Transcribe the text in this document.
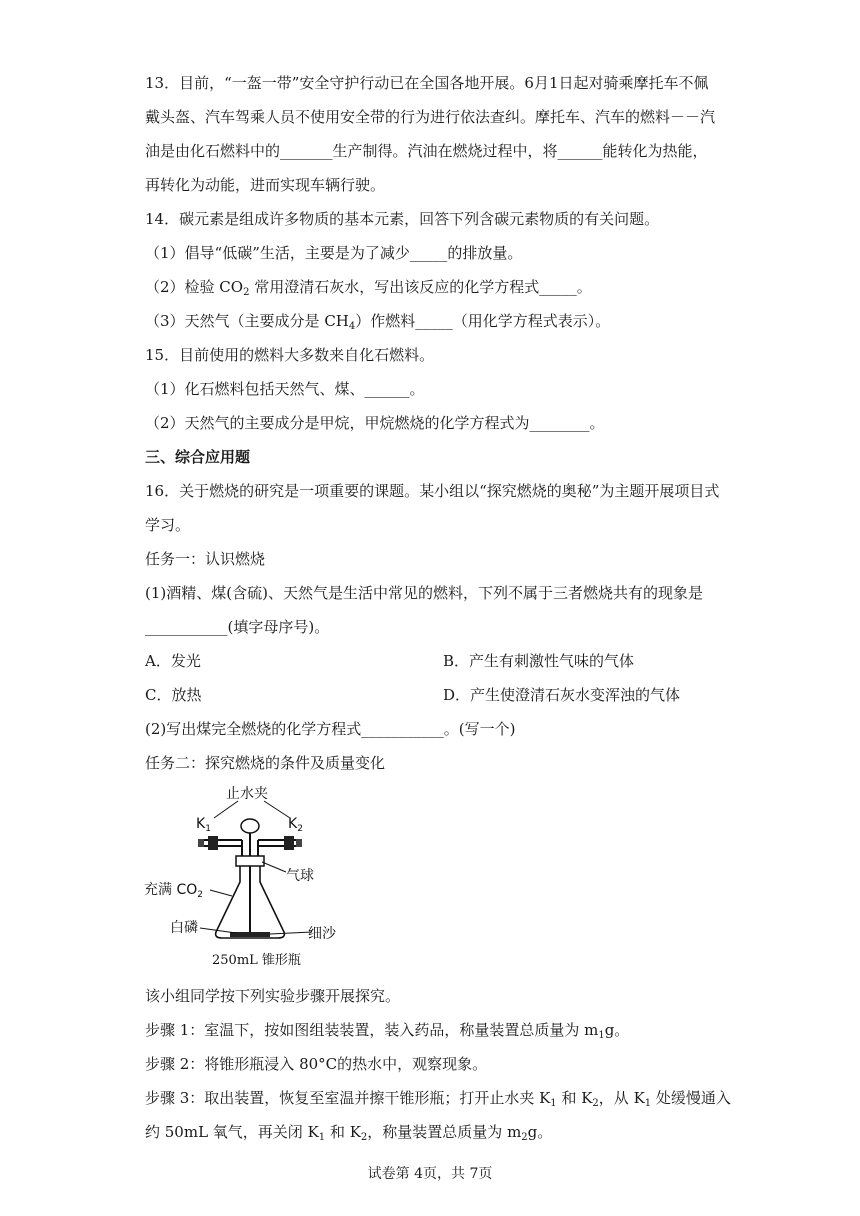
13．目前，“一盔一带”安全守护行动已在全国各地开展。6月1日起对骑乘摩托车不佩
戴头盔、汽车驾乘人员不使用安全带的行为进行依法查纠。摩托车、汽车的燃料－－汽
油是由化石燃料中的_______生产制得。汽油在燃烧过程中，将______能转化为热能，
再转化为动能，进而实现车辆行驶。
14．碳元素是组成许多物质的基本元素，回答下列含碳元素物质的有关问题。
（1）倡导“低碳”生活，主要是为了减少_____的排放量。
（2）检验 $CO_2$ 常用澄清石灰水，写出该反应的化学方程式_____。
（3）天然气（主要成分是 $CH_4$）作燃料_____（用化学方程式表示）。
15．目前使用的燃料大多数来自化石燃料。
（1）化石燃料包括天然气、煤、______。
（2）天然气的主要成分是甲烷，甲烷燃烧的化学方程式为________。
三、综合应用题
16．关于燃烧的研究是一项重要的课题。某小组以“探究燃烧的奥秘”为主题开展项目式
学习。
任务一：认识燃烧
(1)酒精、煤(含硫)、天然气是生活中常见的燃料，下列不属于三者燃烧共有的现象是
___________(填字母序号)。
A．发光	B．产生有刺激性气味的气体
C．放热	D．产生使澄清石灰水变浑浊的气体
(2)写出煤完全燃烧的化学方程式___________。(写一个)
任务二：探究燃烧的条件及质量变化
止水夹
$K_1$	$K_2$
气球
充满 $CO_2$
白磷	细沙
250mL 锥形瓶
该小组同学按下列实验步骤开展探究。
步骤 1：室温下，按如图组装装置，装入药品，称量装置总质量为 $m_1g$。
步骤 2：将锥形瓶浸入 80°C的热水中，观察现象。
步骤 3：取出装置，恢复至室温并擦干锥形瓶；打开止水夹 $K_1$ 和 $K_2$，从 $K_1$ 处缓慢通入
约 50mL 氧气，再关闭 $K_1$ 和 $K_2$，称量装置总质量为 $m_2g$。
试卷第 4页，共 7页
